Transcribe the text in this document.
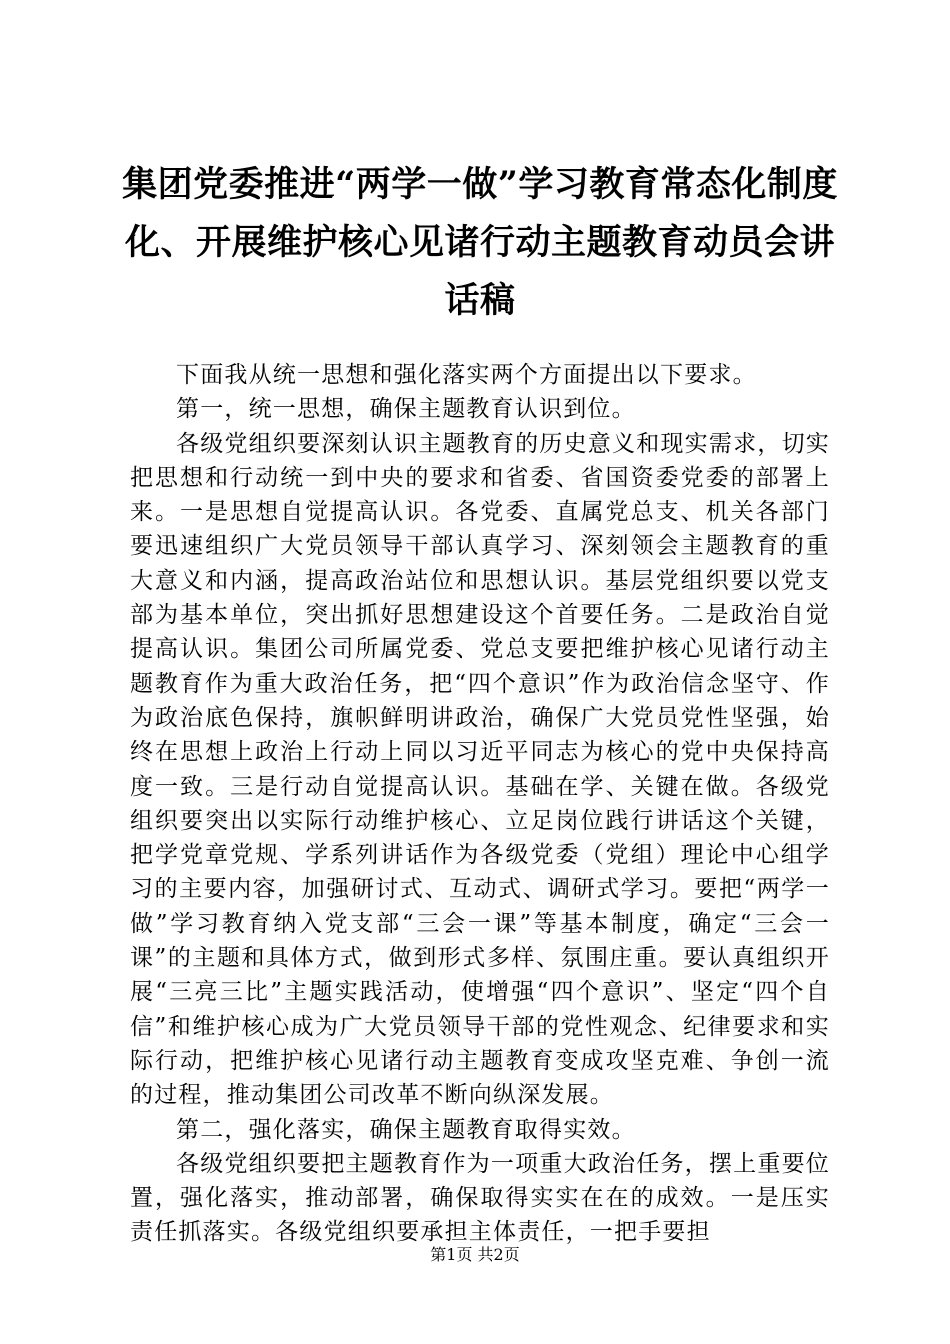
集团党委推进“两学一做”学习教育常态化制度化、开展维护核心见诸行动主题教育动员会讲话稿

下面我从统一思想和强化落实两个方面提出以下要求。

第一，统一思想，确保主题教育认识到位。

各级党组织要深刻认识主题教育的历史意义和现实需求，切实把思想和行动统一到中央的要求和省委、省国资委党委的部署上来。一是思想自觉提高认识。各党委、直属党总支、机关各部门要迅速组织广大党员领导干部认真学习、深刻领会主题教育的重大意义和内涵，提高政治站位和思想认识。基层党组织要以党支部为基本单位，突出抓好思想建设这个首要任务。二是政治自觉提高认识。集团公司所属党委、党总支要把维护核心见诸行动主题教育作为重大政治任务，把“四个意识”作为政治信念坚守、作为政治底色保持，旗帜鲜明讲政治，确保广大党员党性坚强，始终在思想上政治上行动上同以习近平同志为核心的党中央保持高度一致。三是行动自觉提高认识。基础在学、关键在做。各级党组织要突出以实际行动维护核心、立足岗位践行讲话这个关键，把学党章党规、学系列讲话作为各级党委（党组）理论中心组学习的主要内容，加强研讨式、互动式、调研式学习。要把“两学一做”学习教育纳入党支部“三会一课”等基本制度，确定“三会一课”的主题和具体方式，做到形式多样、氛围庄重。要认真组织开展“三亮三比”主题实践活动，使增强“四个意识”、坚定“四个自信”和维护核心成为广大党员领导干部的党性观念、纪律要求和实际行动，把维护核心见诸行动主题教育变成攻坚克难、争创一流的过程，推动集团公司改革不断向纵深发展。

第二，强化落实，确保主题教育取得实效。

各级党组织要把主题教育作为一项重大政治任务，摆上重要位置，强化落实，推动部署，确保取得实实在在的成效。一是压实责任抓落实。各级党组织要承担主体责任，一把手要担

第1页 共2页
